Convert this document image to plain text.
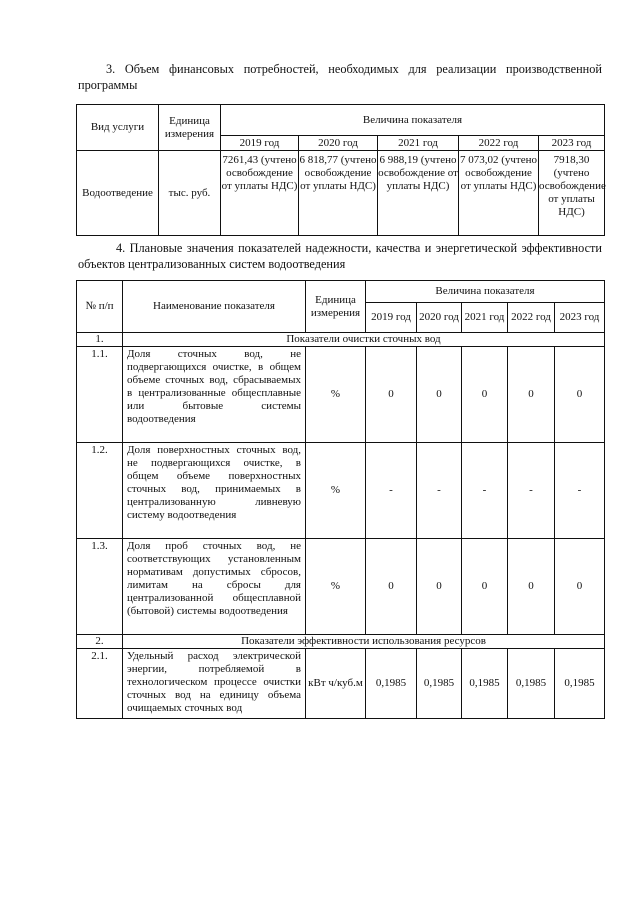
3. Объем финансовых потребностей, необходимых для реализации производственной программы

Вид услуги	Единица измерения	Величина показателя				
		2019 год	2020 год	2021 год	2022 год	2023 год
Водоотведение	тыс. руб.	7261,43 (учтено освобождение от уплаты НДС)	6 818,77 (учтено освобождение от уплаты НДС)	6 988,19 (учтено освобождение от уплаты НДС)	7 073,02 (учтено освобождение от уплаты НДС)	7918,30 (учтено освобождение от уплаты НДС)

4. Плановые значения показателей надежности, качества и энергетической эффективности объектов централизованных систем водоотведения

№ п/п	Наименование показателя	Единица измерения	Величина показателя				
			2019 год	2020 год	2021 год	2022 год	2023 год
1.	Показатели очистки сточных вод						
1.1.	Доля сточных вод, не подвергающихся очистке, в общем объеме сточных вод, сбрасываемых в централизованные общесплавные или бытовые системы водоотведения	%	0	0	0	0	0
1.2.	Доля поверхностных сточных вод, не подвергающихся очистке, в общем объеме поверхностных сточных вод, принимаемых в централизованную ливневую систему водоотведения	%	-	-	-	-	-
1.3.	Доля проб сточных вод, не соответствующих установленным нормативам допустимых сбросов, лимитам на сбросы для централизованной общесплавной (бытовой) системы водоотведения	%	0	0	0	0	0
2.	Показатели эффективности использования ресурсов						
2.1.	Удельный расход электрической энергии, потребляемой в технологическом процессе очистки сточных вод на единицу объема очищаемых сточных вод	кВт ч/куб.м	0,1985	0,1985	0,1985	0,1985	0,1985
